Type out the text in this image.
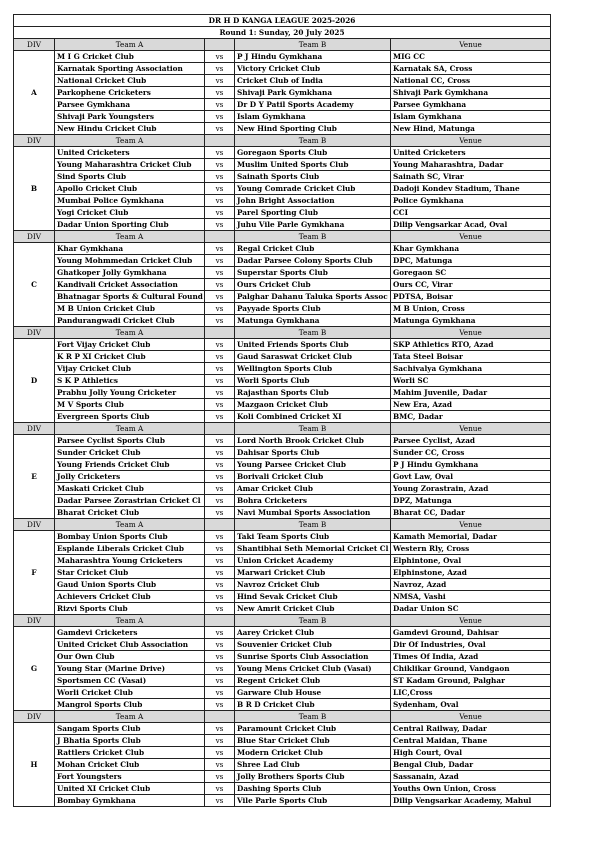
DR H D KANGA LEAGUE 2025-2026				
Round 1: Sunday, 20 July 2025				
DIV	Team A		Team B	Venue
A	M I G Cricket Club	vs	P J Hindu Gymkhana	MIG CC
	Karnatak Sporting Association	vs	Victory Cricket Club	Karnatak SA, Cross
	National Cricket Club	vs	Cricket Club of India	National CC, Cross
	Parkophene Cricketers	vs	Shivaji Park Gymkhana	Shivaji Park Gymkhana
	Parsee Gymkhana	vs	Dr D Y Patil Sports Academy	Parsee Gymkhana
	Shivaji Park Youngsters	vs	Islam Gymkhana	Islam Gymkhana
	New Hindu Cricket Club	vs	New Hind Sporting Club	New Hind, Matunga
DIV	Team A		Team B	Venue
B	United Cricketers	vs	Goregaon Sports Club	United Cricketers
	Young Maharashtra Cricket Club	vs	Muslim United Sports Club	Young Maharashtra, Dadar
	Sind Sports Club	vs	Sainath Sports Club	Sainath SC, Virar
	Apollo Cricket Club	vs	Young Comrade Cricket Club	Dadoji Kondev Stadium, Thane
	Mumbai Police Gymkhana	vs	John Bright Association	Police Gymkhana
	Yogi Cricket Club	vs	Parel Sporting Club	CCI
	Dadar Union Sporting Club	vs	Juhu Vile Parle Gymkhana	Dilip Vengsarkar Acad, Oval
DIV	Team A		Team B	Venue
C	Khar Gymkhana	vs	Regal Cricket Club	Khar Gymkhana
	Young Mohmmedan Cricket Club	vs	Dadar Parsee Colony Sports Club	DPC, Matunga
	Ghatkoper Jolly Gymkhana	vs	Superstar Sports Club	Goregaon SC
	Kandivali Cricket Association	vs	Ours Cricket Club	Ours CC, Virar
	Bhatnagar Sports & Cultural Found	vs	Palghar Dahanu Taluka Sports Assoc	PDTSA, Boisar
	M B Union Cricket Club	vs	Payyade Sports Club	M B Union, Cross
	Pandurangwadi Cricket Club	vs	Matunga Gymkhana	Matunga Gymkhana
DIV	Team A		Team B	Venue
D	Fort Vijay Cricket Club	vs	United Friends Sports Club	SKP Athletics RTO, Azad
	K R P XI Cricket Club	vs	Gaud Saraswat Cricket Club	Tata Steel Boisar
	Vijay Cricket Club	vs	Wellington Sports Club	Sachivalya Gymkhana
	S K P Athletics	vs	Worli Sports Club	Worli SC
	Prabhu Jolly Young Cricketer	vs	Rajasthan Sports Club	Mahim Juvenile, Dadar
	M V Sports Club	vs	Mazgaon Cricket Club	New Era, Azad
	Evergreen Sports Club	vs	Koli Combined Cricket XI	BMC, Dadar
DIV	Team A		Team B	Venue
E	Parsee Cyclist Sports Club	vs	Lord North Brook Cricket Club	Parsee Cyclist, Azad
	Sunder Cricket Club	vs	Dahisar Sports Club	Sunder CC, Cross
	Young Friends Cricket Club	vs	Young Parsee Cricket Club	P J Hindu Gymkhana
	Jolly Cricketers	vs	Borivali Cricket Club	Govt Law, Oval
	Maskati Cricket Club	vs	Amar Cricket Club	Young Zorastrain, Azad
	Dadar Parsee Zorastrian Cricket Cl	vs	Bohra Cricketers	DPZ, Matunga
	Bharat Cricket Club	vs	Navi Mumbai Sports Association	Bharat CC, Dadar
DIV	Team A		Team B	Venue
F	Bombay Union Sports Club	vs	Taki Team Sports Club	Kamath Memorial, Dadar
	Esplande Liberals Cricket Club	vs	Shantibhai Seth Memorial Cricket Cl	Western Rly, Cross
	Maharashtra Young Cricketers	vs	Union Cricket Academy	Elphintone, Oval
	Star Cricket Club	vs	Marwari Cricket Club	Elphinstone, Azad
	Gaud Union Sports Club	vs	Navroz Cricket Club	Navroz, Azad
	Achievers Cricket Club	vs	Hind Sevak Cricket Club	NMSA, Vashi
	Rizvi Sports Club	vs	New Amrit Cricket Club	Dadar Union SC
DIV	Team A		Team B	Venue
G	Gamdevi Cricketers	vs	Aarey Cricket Club	Gamdevi Ground, Dahisar
	United Cricket Club Association	vs	Souvenier Cricket Club	Dir Of Industries, Oval
	Our Own Club	vs	Sunrise Sports Club Association	Times Of India, Azad
	Young Star (Marine Drive)	vs	Young Mens Cricket Club (Vasai)	Chiklikar Ground, Vandgaon
	Sportsmen CC (Vasai)	vs	Regent Cricket Club	ST Kadam Ground, Palghar
	Worli Cricket Club	vs	Garware Club House	LIC,Cross
	Mangrol Sports Club	vs	B R D Cricket Club	Sydenham, Oval
DIV	Team A		Team B	Venue
H	Sangam Sports Club	vs	Paramount Cricket Club	Central Railway, Dadar
	J Bhatia Sports Club	vs	Blue Star Cricket Club	Central Maidan, Thane
	Rattlers Cricket Club	vs	Modern Cricket Club	High Court, Oval
	Mohan Cricket Club	vs	Shree Lad Club	Bengal Club, Dadar
	Fort Youngsters	vs	Jolly Brothers Sports Club	Sassanain, Azad
	United XI Cricket Club	vs	Dashing Sports Club	Youths Own Union, Cross
	Bombay Gymkhana	vs	Vile Parle Sports Club	Dilip Vengsarkar Academy, Mahul
